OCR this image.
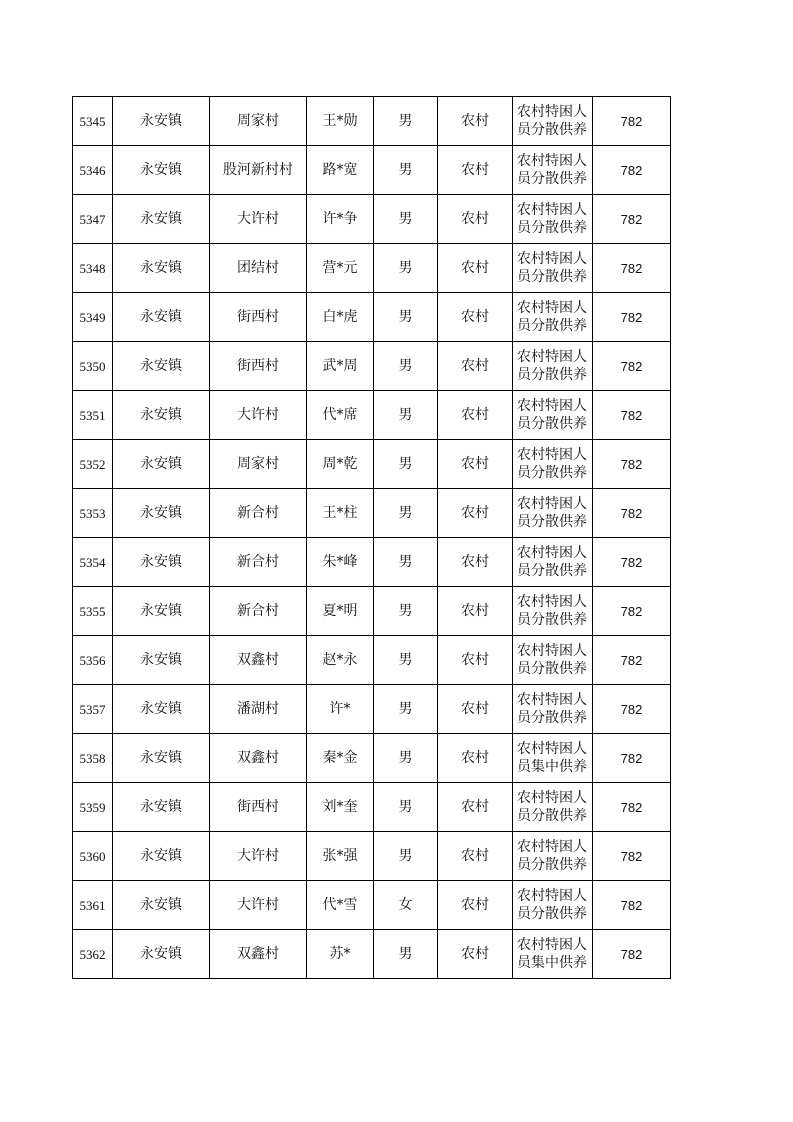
5345	永安镇	周家村	王*勋	男	农村	农村特困人员分散供养	782
5346	永安镇	股河新村村	路*宽	男	农村	农村特困人员分散供养	782
5347	永安镇	大许村	许*争	男	农村	农村特困人员分散供养	782
5348	永安镇	团结村	营*元	男	农村	农村特困人员分散供养	782
5349	永安镇	街西村	白*虎	男	农村	农村特困人员分散供养	782
5350	永安镇	街西村	武*周	男	农村	农村特困人员分散供养	782
5351	永安镇	大许村	代*席	男	农村	农村特困人员分散供养	782
5352	永安镇	周家村	周*乾	男	农村	农村特困人员分散供养	782
5353	永安镇	新合村	王*柱	男	农村	农村特困人员分散供养	782
5354	永安镇	新合村	朱*峰	男	农村	农村特困人员分散供养	782
5355	永安镇	新合村	夏*明	男	农村	农村特困人员分散供养	782
5356	永安镇	双鑫村	赵*永	男	农村	农村特困人员分散供养	782
5357	永安镇	潘湖村	许*	男	农村	农村特困人员分散供养	782
5358	永安镇	双鑫村	秦*金	男	农村	农村特困人员集中供养	782
5359	永安镇	街西村	刘*奎	男	农村	农村特困人员分散供养	782
5360	永安镇	大许村	张*强	男	农村	农村特困人员分散供养	782
5361	永安镇	大许村	代*雪	女	农村	农村特困人员分散供养	782
5362	永安镇	双鑫村	苏*	男	农村	农村特困人员集中供养	782
